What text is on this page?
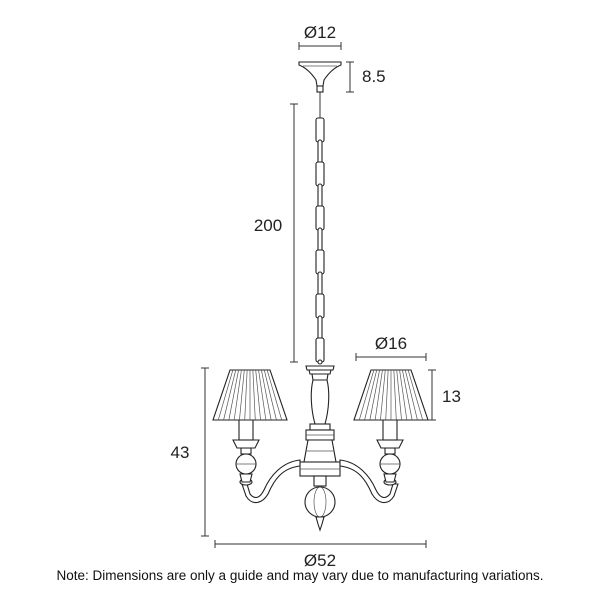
Ø12
8.5
200
Ø16
13
43
Ø52
Note: Dimensions are only a guide and may vary due to manufacturing variations.
